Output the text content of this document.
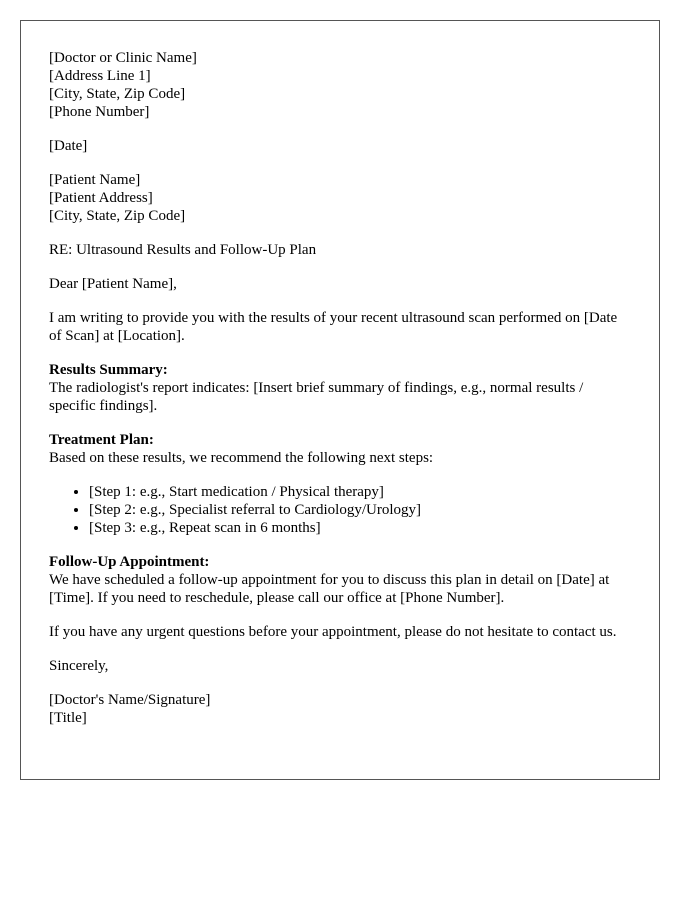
[Doctor or Clinic Name]
[Address Line 1]
[City, State, Zip Code]
[Phone Number]
[Date]
[Patient Name]
[Patient Address]
[City, State, Zip Code]
RE: Ultrasound Results and Follow-Up Plan
Dear [Patient Name],
I am writing to provide you with the results of your recent ultrasound scan performed on [Date of Scan] at [Location].
Results Summary:
The radiologist's report indicates: [Insert brief summary of findings, e.g., normal results / specific findings].
Treatment Plan:
Based on these results, we recommend the following next steps:
• [Step 1: e.g., Start medication / Physical therapy]
• [Step 2: e.g., Specialist referral to Cardiology/Urology]
• [Step 3: e.g., Repeat scan in 6 months]
Follow-Up Appointment:
We have scheduled a follow-up appointment for you to discuss this plan in detail on [Date] at [Time]. If you need to reschedule, please call our office at [Phone Number].
If you have any urgent questions before your appointment, please do not hesitate to contact us.
Sincerely,
[Doctor's Name/Signature]
[Title]
